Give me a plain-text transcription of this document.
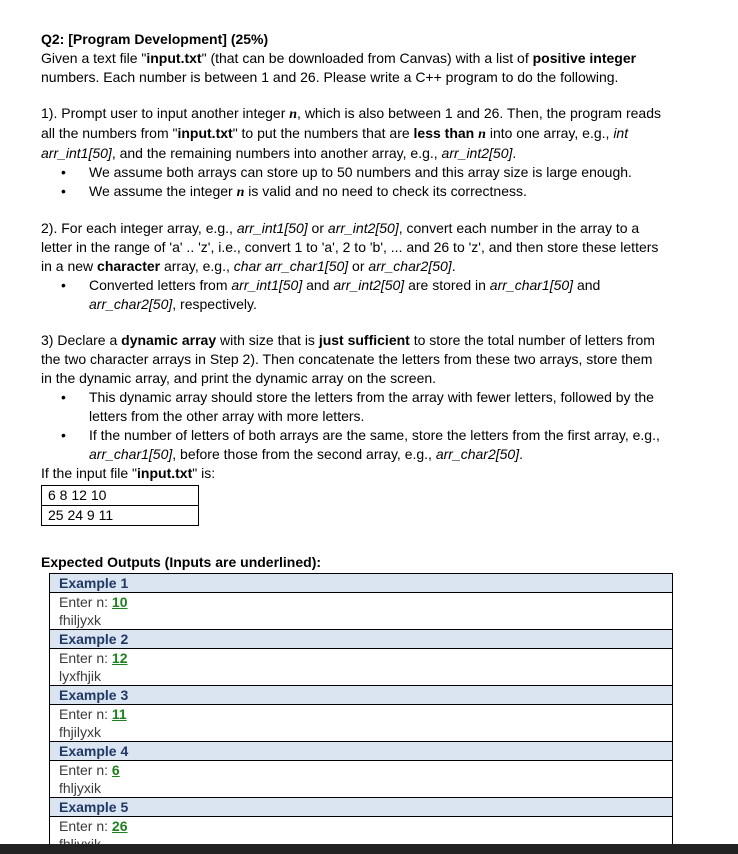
Q2: [Program Development] (25%)

Given a text file "input.txt" (that can be downloaded from Canvas) with a list of positive integer numbers. Each number is between 1 and 26. Please write a C++ program to do the following.

1). Prompt user to input another integer n, which is also between 1 and 26. Then, the program reads all the numbers from "input.txt" to put the numbers that are less than n into one array, e.g., int arr_int1[50], and the remaining numbers into another array, e.g., arr_int2[50].

• We assume both arrays can store up to 50 numbers and this array size is large enough.
• We assume the integer n is valid and no need to check its correctness.

2). For each integer array, e.g., arr_int1[50] or arr_int2[50], convert each number in the array to a letter in the range of 'a' .. 'z', i.e., convert 1 to 'a', 2 to 'b', ... and 26 to 'z', and then store these letters in a new character array, e.g., char arr_char1[50] or arr_char2[50].

• Converted letters from arr_int1[50] and arr_int2[50] are stored in arr_char1[50] and arr_char2[50], respectively.

3) Declare a dynamic array with size that is just sufficient to store the total number of letters from the two character arrays in Step 2). Then concatenate the letters from these two arrays, store them in the dynamic array, and print the dynamic array on the screen.

• This dynamic array should store the letters from the array with fewer letters, followed by the letters from the other array with more letters.
• If the number of letters of both arrays are the same, store the letters from the first array, e.g., arr_char1[50], before those from the second array, e.g., arr_char2[50].

If the input file "input.txt" is:

6 8 12 10
25 24 9 11

Expected Outputs (Inputs are underlined):

Example 1
Enter n: 10
fhiljyxk
Example 2
Enter n: 12
lyxfhjik
Example 3
Enter n: 11
fhjilyxk
Example 4
Enter n: 6
fhljyxik
Example 5
Enter n: 26
